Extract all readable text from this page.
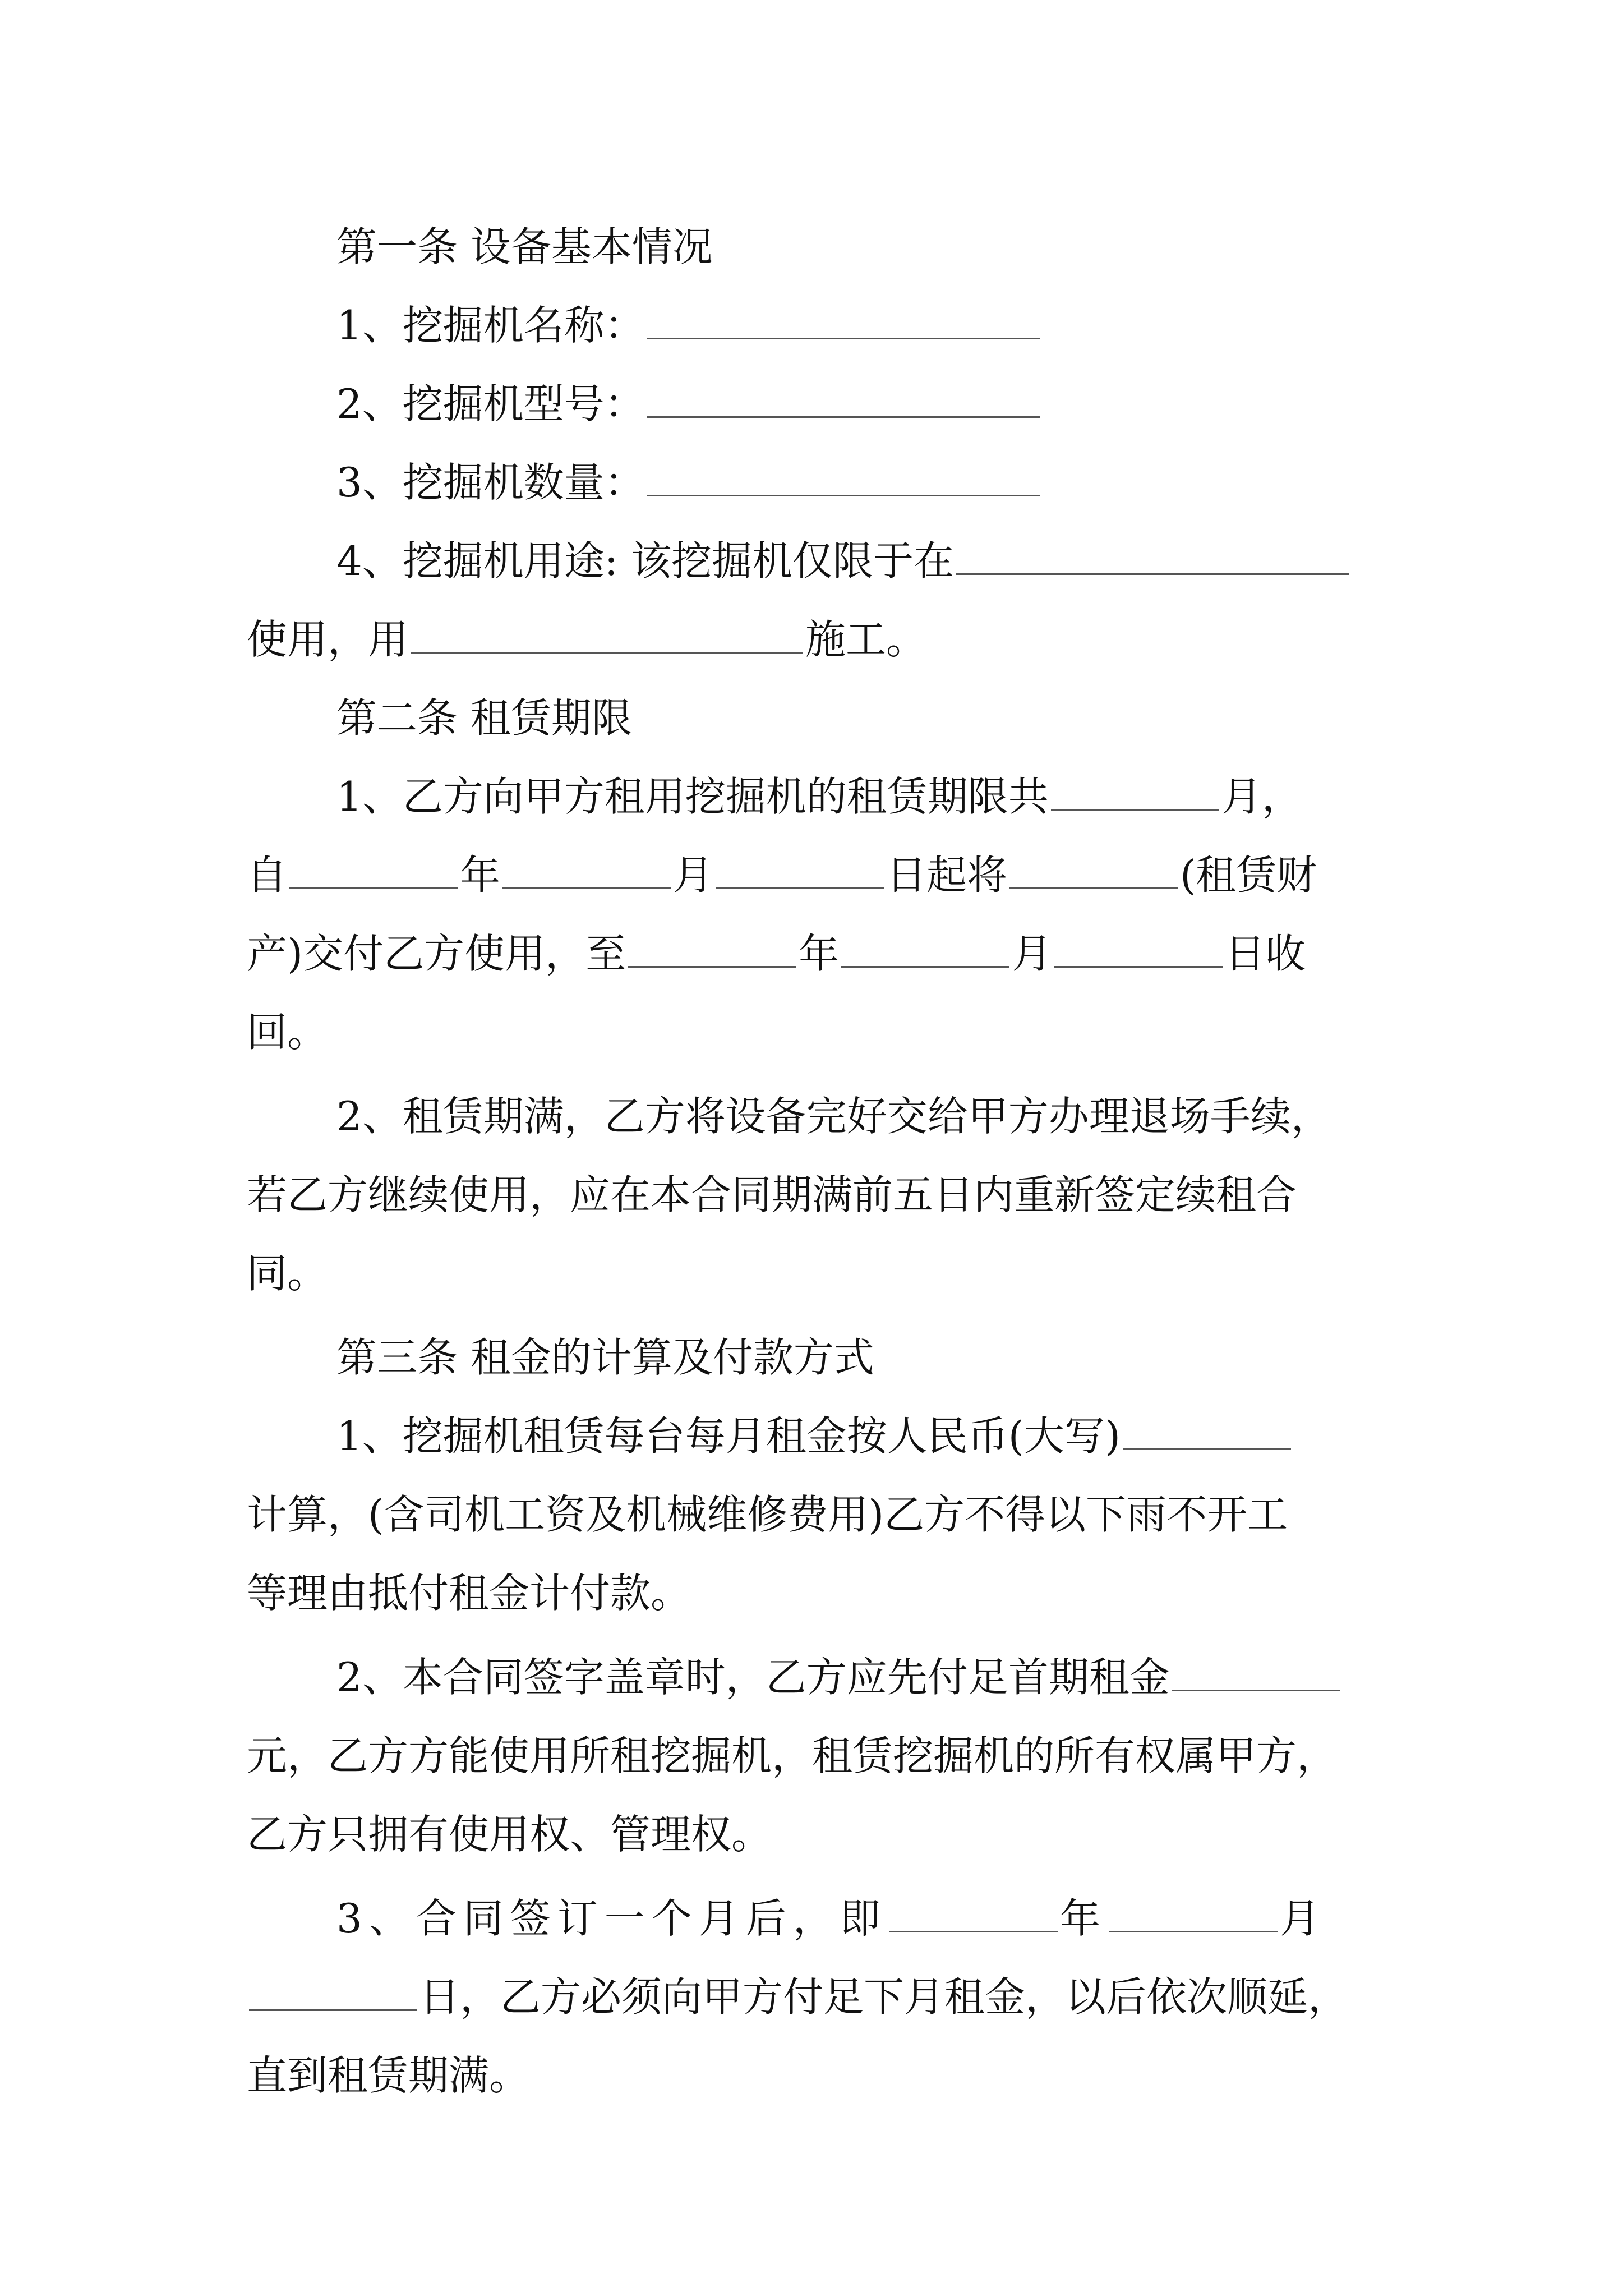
第一条 设备基本情况
1、挖掘机名称：
2、挖掘机型号：
3、挖掘机数量：
4、挖掘机用途: 该挖掘机仅限于在
使用，用	施工。
第二条 租赁期限
1、乙方向甲方租用挖掘机的租赁期限共	月，
自	年	月	日起将	(租赁财
产)交付乙方使用，至	年	月	日收
回。
2、租赁期满，乙方将设备完好交给甲方办理退场手续，
若乙方继续使用，应在本合同期满前五日内重新签定续租合
同。
第三条 租金的计算及付款方式
1、挖掘机租赁每台每月租金按人民币(大写)
计算，(含司机工资及机械维修费用)乙方不得以下雨不开工
等理由抵付租金计付款。
2、本合同签字盖章时，乙方应先付足首期租金
元，乙方方能使用所租挖掘机，租赁挖掘机的所有权属甲方，
乙方只拥有使用权、管理权。
3、合同签订一个月后，即	年	月
日，乙方必须向甲方付足下月租金，以后依次顺延，
直到租赁期满。
